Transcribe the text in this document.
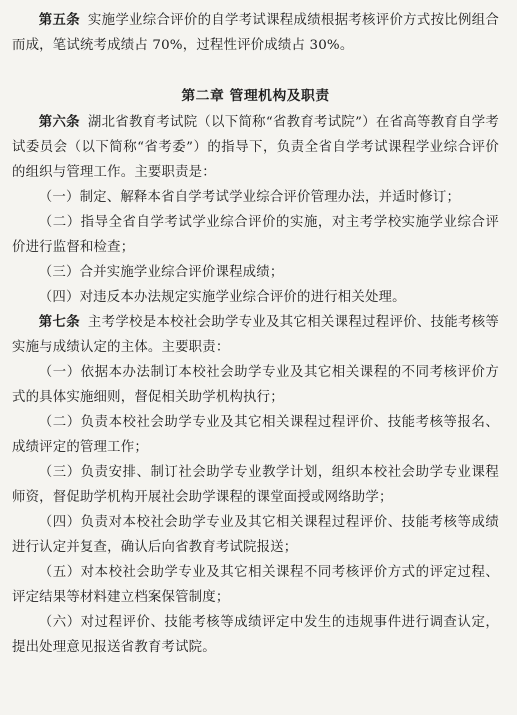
第五条 实施学业综合评价的自学考试课程成绩根据考核评价方式按比例组合而成，笔试统考成绩占 70%，过程性评价成绩占 30%。

第二章 管理机构及职责

第六条 湖北省教育考试院（以下简称“省教育考试院”）在省高等教育自学考试委员会（以下简称“省考委”）的指导下，负责全省自学考试课程学业综合评价的组织与管理工作。主要职责是：

（一）制定、解释本省自学考试学业综合评价管理办法，并适时修订；

（二）指导全省自学考试学业综合评价的实施，对主考学校实施学业综合评价进行监督和检查；

（三）合并实施学业综合评价课程成绩；

（四）对违反本办法规定实施学业综合评价的进行相关处理。

第七条 主考学校是本校社会助学专业及其它相关课程过程评价、技能考核等实施与成绩认定的主体。主要职责：

（一）依据本办法制订本校社会助学专业及其它相关课程的不同考核评价方式的具体实施细则，督促相关助学机构执行；

（二）负责本校社会助学专业及其它相关课程过程评价、技能考核等报名、成绩评定的管理工作；

（三）负责安排、制订社会助学专业教学计划，组织本校社会助学专业课程师资，督促助学机构开展社会助学课程的课堂面授或网络助学；

（四）负责对本校社会助学专业及其它相关课程过程评价、技能考核等成绩进行认定并复查，确认后向省教育考试院报送；

（五）对本校社会助学专业及其它相关课程不同考核评价方式的评定过程、评定结果等材料建立档案保管制度；

（六）对过程评价、技能考核等成绩评定中发生的违规事件进行调查认定，提出处理意见报送省教育考试院。
